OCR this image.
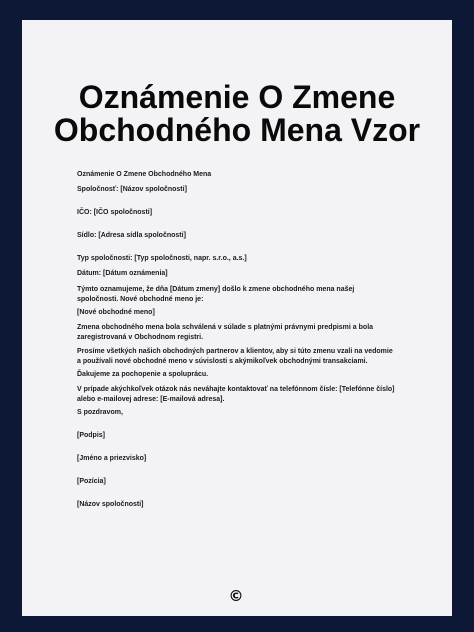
Oznámenie O Zmene
Obchodného Mena Vzor

Oznámenie O Zmene Obchodného Mena

Spoločnosť: [Názov spoločnosti]

IČO: [IČO spoločnosti]

Sídlo: [Adresa sídla spoločnosti]

Typ spoločnosti: [Typ spoločnosti, napr. s.r.o., a.s.]

Dátum: [Dátum oznámenia]

Týmto oznamujeme, že dňa [Dátum zmeny] došlo k zmene obchodného mena našej spoločnosti. Nové obchodné meno je:

[Nové obchodné meno]

Zmena obchodného mena bola schválená v súlade s platnými právnymi predpismi a bola zaregistrovaná v Obchodnom registri.

Prosíme všetkých našich obchodných partnerov a klientov, aby si túto zmenu vzali na vedomie a používali nové obchodné meno v súvislosti s akýmikoľvek obchodnými transakciami.

Ďakujeme za pochopenie a spoluprácu.

V prípade akýchkoľvek otázok nás neváhajte kontaktovať na telefónnom čísle: [Telefónne číslo] alebo e-mailovej adrese: [E-mailová adresa].

S pozdravom,

[Podpis]

[Jméno a priezvisko]

[Pozícia]

[Názov spoločnosti]

©
